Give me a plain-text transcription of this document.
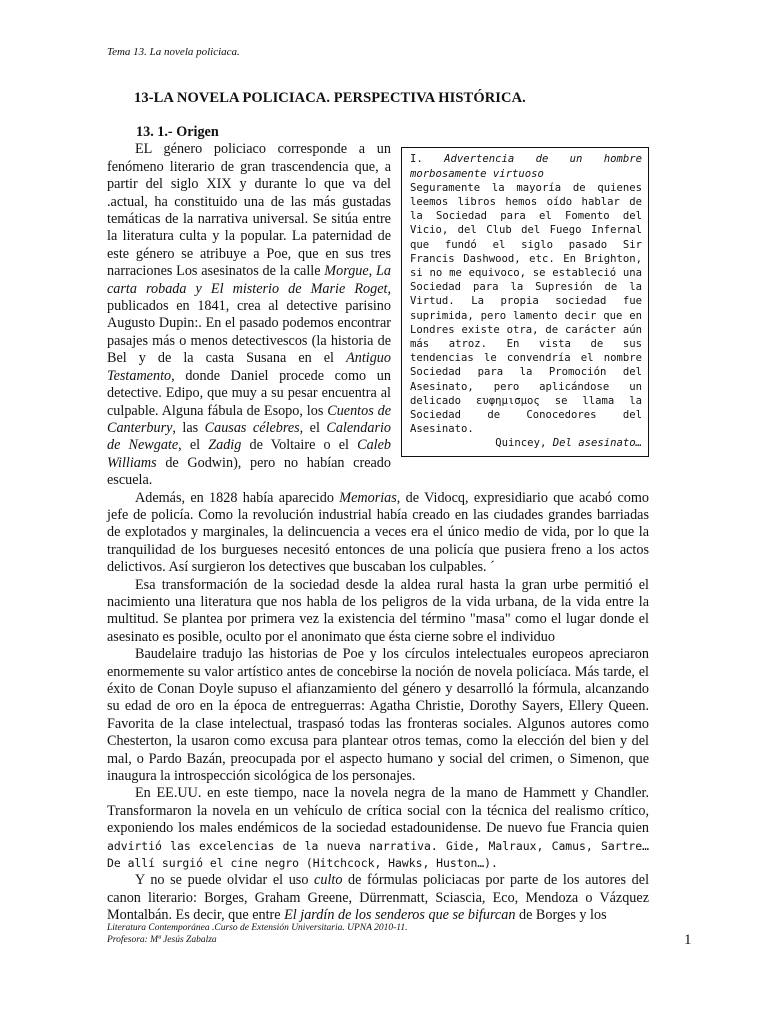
Tema 13. La novela policiaca.
13-LA NOVELA POLICIACA. PERSPECTIVA HISTÓRICA.
13. 1.- Origen
I. Advertencia de un hombre morbosamente virtuoso
Seguramente la mayoría de quienes leemos libros hemos oído hablar de la Sociedad para el Fomento del Vicio, del Club del Fuego Infernal que fundó el siglo pasado Sir Francis Dashwood, etc. En Brighton, si no me equivoco, se estableció una Sociedad para la Supresión de la Virtud. La propia sociedad fue suprimida, pero lamento decir que en Londres existe otra, de carácter aún más atroz. En vista de sus tendencias le convendría el nombre Sociedad para la Promoción del Asesinato, pero aplicándose un delicado ευφημισμος se llama la Sociedad de Conocedores del Asesinato.
Quincey, Del asesinato…

EL género policiaco corresponde a un fenómeno literario de gran trascendencia que, a partir del siglo XIX y durante lo que va del .actual, ha constituido una de las más gustadas temáticas de la narrativa universal. Se sitúa entre la literatura culta y la popular. La paternidad de este género se atribuye a Poe, que en sus tres narraciones Los asesinatos de la calle Morgue, La carta robada y El misterio de Marie Roget, publicados en 1841, crea al detective parisino Augusto Dupin:. En el pasado podemos encontrar pasajes más o menos detectivescos (la historia de Bel y de la casta Susana en el Antiguo Testamento, donde Daniel procede como un detective. Edipo, que muy a su pesar encuentra al culpable. Alguna fábula de Esopo, los Cuentos de Canterbury, las Causas célebres, el Calendario de Newgate, el Zadig de Voltaire o el Caleb Williams de Godwin), pero no habían creado escuela.

Además, en 1828 había aparecido Memorias, de Vidocq, expresidiario que acabó como jefe de policía. Como la revolución industrial había creado en las ciudades grandes barriadas de explotados y marginales, la delincuencia a veces era el único medio de vida, por lo que la tranquilidad de los burgueses necesitó entonces de una policía que pusiera freno a los actos delictivos. Así surgieron los detectives que buscaban los culpables. ´

Esa transformación de la sociedad desde la aldea rural hasta la gran urbe permitió el nacimiento una literatura que nos habla de los peligros de la vida urbana, de la vida entre la multitud. Se plantea por primera vez la existencia del término "masa" como el lugar donde el asesinato es posible, oculto por el anonimato que ésta cierne sobre el individuo

Baudelaire tradujo las historias de Poe y los círculos intelectuales europeos apreciaron enormemente su valor artístico antes de concebirse la noción de novela policíaca. Más tarde, el éxito de Conan Doyle supuso el afianzamiento del género y desarrolló la fórmula, alcanzando su edad de oro en la época de entreguerras: Agatha Christie, Dorothy Sayers, Ellery Queen. Favorita de la clase intelectual, traspasó todas las fronteras sociales. Algunos autores como Chesterton, la usaron como excusa para plantear otros temas, como la elección del bien y del mal, o Pardo Bazán, preocupada por el aspecto humano y social del crimen, o Simenon, que inaugura la introspección sicológica de los personajes.

En EE.UU. en este tiempo, nace la novela negra de la mano de Hammett y Chandler. Transformaron la novela en un vehículo de crítica social con la técnica del realismo crítico, exponiendo los males endémicos de la sociedad estadounidense. De nuevo fue Francia quien advirtió las excelencias de la nueva narrativa. Gide, Malraux, Camus, Sartre… De allí surgió el cine negro (Hitchcock, Hawks, Huston…).

Y no se puede olvidar el uso culto de fórmulas policiacas por parte de los autores del canon literario: Borges, Graham Greene, Dürrenmatt, Sciascia, Eco, Mendoza o Vázquez Montalbán. Es decir, que entre El jardín de los senderos que se bifurcan de Borges y los

Literatura Contemporánea .Curso de Extensión Universitaria. UPNA 2010-11.
Profesora: Mª Jesús Zabalza	1
